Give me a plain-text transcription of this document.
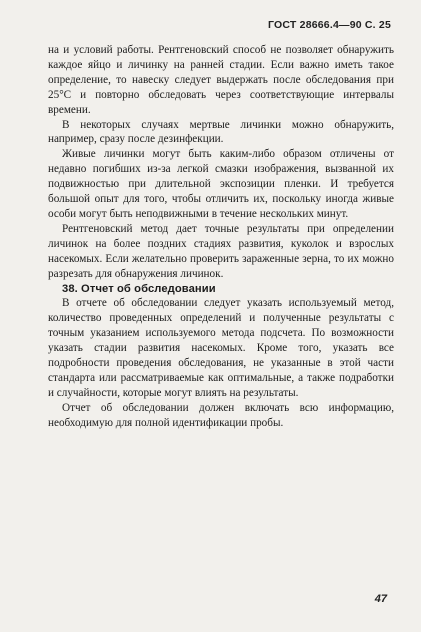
ГОСТ 28666.4—90 С. 25

на и условий работы. Рентгеновский способ не позволяет обнаружить каждое яйцо и личинку на ранней стадии. Если важно иметь такое определение, то навеску следует выдержать после обследования при 25°С и повторно обследовать через соответствующие интервалы времени.

В некоторых случаях мертвые личинки можно обнаружить, например, сразу после дезинфекции.

Живые личинки могут быть каким-либо образом отличены от недавно погибших из-за легкой смазки изображения, вызванной их подвижностью при длительной экспозиции пленки. И требуется большой опыт для того, чтобы отличить их, поскольку иногда живые особи могут быть неподвижными в течение нескольких минут.

Рентгеновский метод дает точные результаты при определении личинок на более поздних стадиях развития, куколок и взрослых насекомых. Если желательно проверить зараженные зерна, то их можно разрезать для обнаружения личинок.

38. Отчет об обследовании

В отчете об обследовании следует указать используемый метод, количество проведенных определений и полученные результаты с точным указанием используемого метода подсчета. По возможности указать стадии развития насекомых. Кроме того, указать все подробности проведения обследования, не указанные в этой части стандарта или рассматриваемые как оптимальные, а также подработки и случайности, которые могут влиять на результаты.

Отчет об обследовании должен включать всю информацию, необходимую для полной идентификации пробы.

47
